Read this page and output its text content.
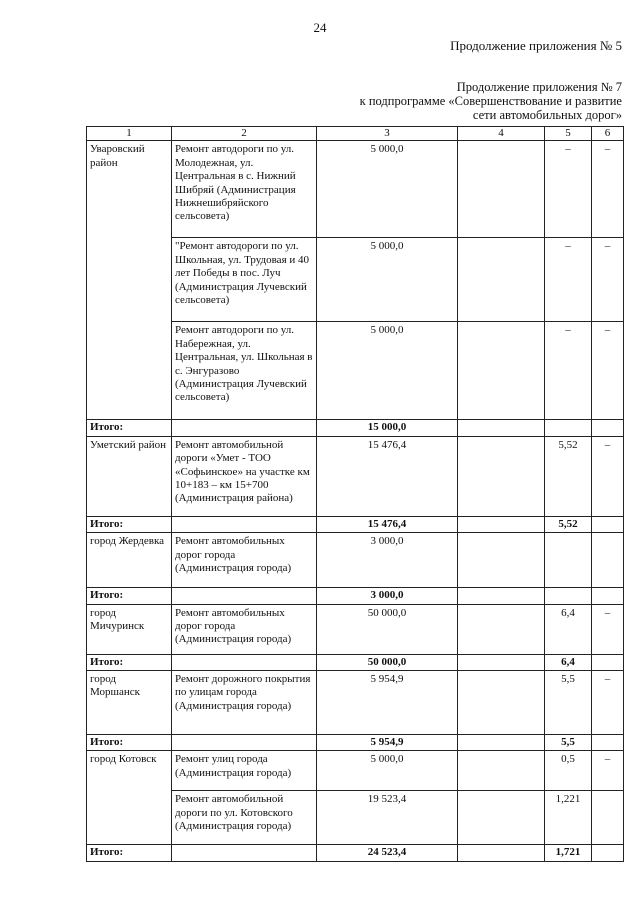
24
Продолжение приложения № 5
Продолжение приложения № 7
к подпрограмме «Совершенствование и развитие
сети автомобильных дорог»
1	2	3	4	5	6
Уваровский район	Ремонт автодороги по ул. Молодежная, ул. Центральная в с. Нижний Шибряй (Администрация Нижнешибряйского сельсовета)	5 000,0		–	–
	"Ремонт автодороги по ул. Школьная, ул. Трудовая и 40 лет Победы в пос. Луч (Администрация Лучевский сельсовета)	5 000,0		–	–
	Ремонт автодороги по ул. Набережная, ул. Центральная, ул. Школьная в с. Энгуразово (Администрация Лучевский сельсовета)	5 000,0		–	–
Итого:		15 000,0			
Уметский район	Ремонт автомобильной дороги «Умет - ТОО «Софьинское» на участке км 10+183 – км 15+700 (Администрация района)	15 476,4		5,52	–
Итого:		15 476,4		5,52	
город Жердевка	Ремонт автомобильных дорог города (Администрация города)	3 000,0			
Итого:		3 000,0			
город Мичуринск	Ремонт автомобильных дорог города (Администрация города)	50 000,0		6,4	–
Итого:		50 000,0		6,4	
город Моршанск	Ремонт дорожного покрытия по улицам города (Администрация города)	5 954,9		5,5	–
Итого:		5 954,9		5,5	
город Котовск	Ремонт улиц города (Администрация города)	5 000,0		0,5	–
	Ремонт автомобильной дороги по ул. Котовского (Администрация города)	19 523,4		1,221	
Итого:		24 523,4		1,721	
